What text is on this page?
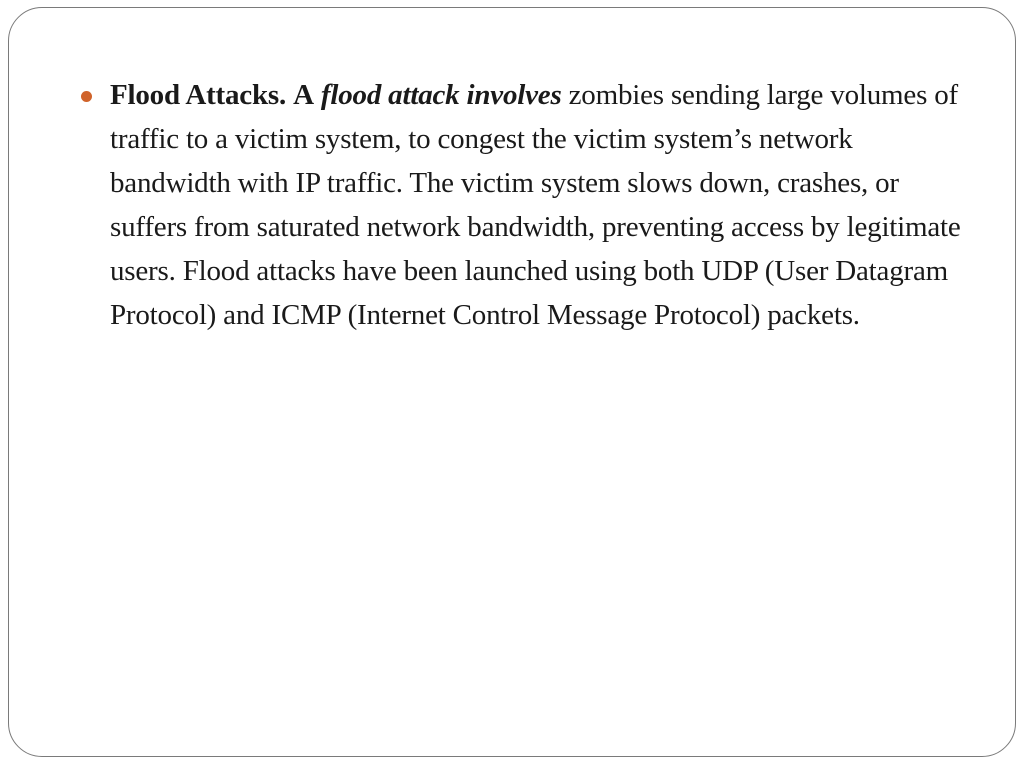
Flood Attacks. A flood attack involves zombies sending large volumes of traffic to a victim system, to congest the victim system’s network bandwidth with IP traffic. The victim system slows down, crashes, or suffers from saturated network bandwidth, preventing access by legitimate users. Flood attacks have been launched using both UDP (User Datagram Protocol) and ICMP (Internet Control Message Protocol) packets.
